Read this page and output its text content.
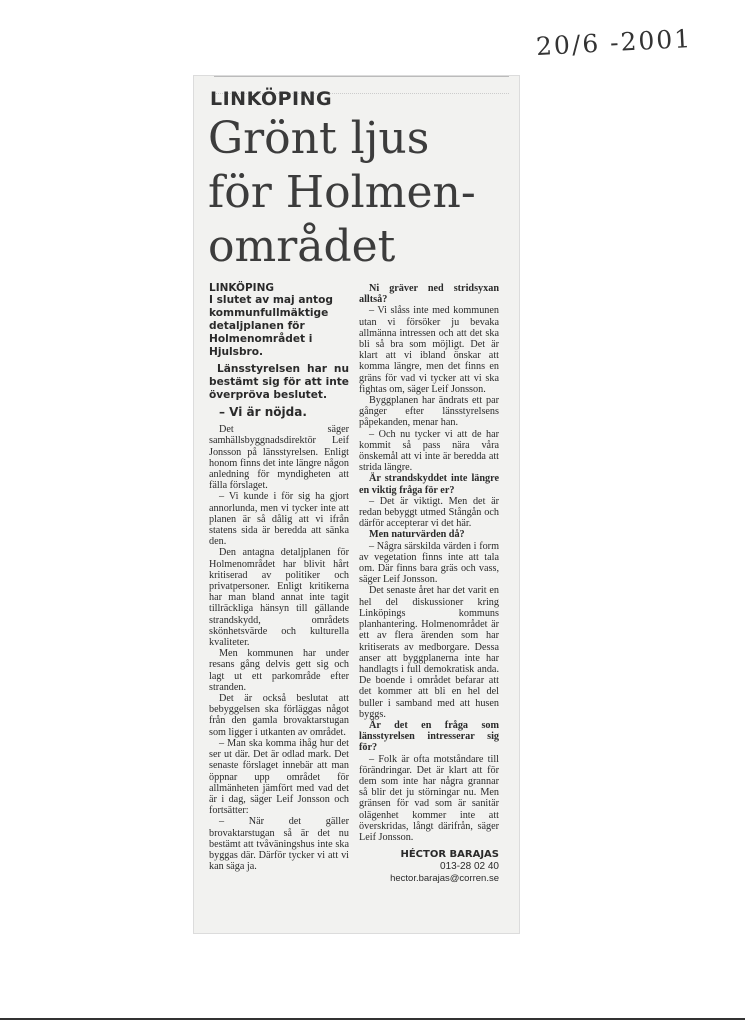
20/6 -2001
LINKÖPING
Grönt ljus
för Holmen-
området
LINKÖPING
I slutet av maj antog kommunfullmäktige detaljplanen för Holmenområdet i Hjulsbro.
Länsstyrelsen har nu bestämt sig för att inte överpröva beslutet.
– Vi är nöjda.

Det säger samhällsbyggnadsdirektör Leif Jonsson på länsstyrelsen. Enligt honom finns det inte längre någon anledning för myndigheten att fälla förslaget.

– Vi kunde i för sig ha gjort annorlunda, men vi tycker inte att planen är så dålig att vi ifrån statens sida är beredda att sänka den.

Den antagna detaljplanen för Holmenområdet har blivit hårt kritiserad av politiker och privatpersoner. Enligt kritikerna har man bland annat inte tagit tillräckliga hänsyn till gällande strandskydd, områdets skönhetsvärde och kulturella kvaliteter.

Men kommunen har under resans gång delvis gett sig och lagt ut ett parkområde efter stranden.

Det är också beslutat att bebyggelsen ska förläggas något från den gamla brovaktarstugan som ligger i utkanten av området.

– Man ska komma ihåg hur det ser ut där. Det är odlad mark. Det senaste förslaget innebär att man öppnar upp området för allmänheten jämfört med vad det är i dag, säger Leif Jonsson och fortsätter:

– När det gäller brovaktarstugan så är det nu bestämt att tvåväningshus inte ska byggas där. Därför tycker vi att vi kan säga ja.

Ni gräver ned stridsyxan alltså?

– Vi slåss inte med kommunen utan vi försöker ju bevaka allmänna intressen och att det ska bli så bra som möjligt. Det är klart att vi ibland önskar att komma längre, men det finns en gräns för vad vi tycker att vi ska fightas om, säger Leif Jonsson.

Byggplanen har ändrats ett par gånger efter länsstyrelsens påpekanden, menar han.

– Och nu tycker vi att de har kommit så pass nära våra önskemål att vi inte är beredda att strida längre.

Är strandskyddet inte längre en viktig fråga för er?

– Det är viktigt. Men det är redan bebyggt utmed Stångån och därför accepterar vi det här.

Men naturvärden då?

– Några särskilda värden i form av vegetation finns inte att tala om. Där finns bara gräs och vass, säger Leif Jonsson.

Det senaste året har det varit en hel del diskussioner kring Linköpings kommuns planhantering. Holmenområdet är ett av flera ärenden som har kritiserats av medborgare. Dessa anser att byggplanerna inte har handlagts i full demokratisk anda. De boende i området befarar att det kommer att bli en hel del buller i samband med att husen byggs.

Är det en fråga som länsstyrelsen intresserar sig för?

– Folk är ofta motståndare till förändringar. Det är klart att för dem som inte har några grannar så blir det ju störningar nu. Men gränsen för vad som är sanitär olägenhet kommer inte att överskridas, långt därifrån, säger Leif Jonsson.

HÉCTOR BARAJAS
013-28 02 40
hector.barajas@corren.se
